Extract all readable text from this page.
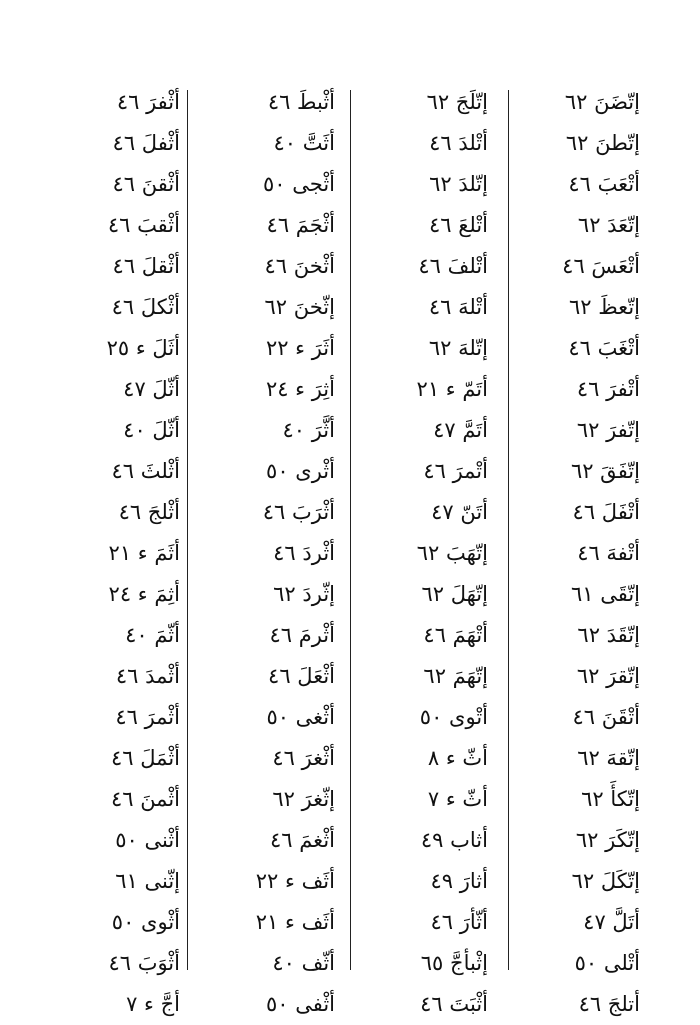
إتّضَنَ ٦٢
إتّطنَ ٦٢
أتْعَبَ ٤٦
إتّعَدَ ٦٢
أتْعَسَ ٤٦
إتّعظَ ٦٢
أتْغَبَ ٤٦
أتْفرَ ٤٦
إتّفرَ ٦٢
إتّفَقَ ٦٢
أتْفَلَ ٤٦
أتْفهَ ٤٦
إتّقَى ٦١
إتّقَدَ ٦٢
إتّقرَ ٦٢
أتْقَنَ ٤٦
إتّقهَ ٦٢
إتّكأَ ٦٢
إتّكَرَ ٦٢
إتّكَلَ ٦٢
أتَلَّ ٤٧
أتْلى ٥٠
أتلجَ ٤٦
إتّلَجَ ٦٢
أتْلدَ ٤٦
إتّلدَ ٦٢
أتْلعَ ٤٦
أتْلفَ ٤٦
أتْلهَ ٤٦
إتّلهَ ٦٢
أتَمّ ء ٢١
أتَمَّ ٤٧
أتْمرَ ٤٦
أتَنّ ٤٧
إتّهَبَ ٦٢
إتّهَلَ ٦٢
أتْهَمَ ٤٦
إتّهَمَ ٦٢
أتْوى ٥٠
أثّ ء ٨
أثّ ء ٧
أثاب ٤٩
أثارَ ٤٩
أثّأرَ ٤٦
إثْبأجَّ ٦٥
أثْبَتَ ٤٦
أثْبطَ ٤٦
أثَتَّ ٤٠
أثْجى ٥٠
أثْجَمَ ٤٦
أثْخنَ ٤٦
إثّخنَ ٦٢
أثَرَ ء ٢٢
أثِرَ ء ٢٤
أثَّرَ ٤٠
أثْرى ٥٠
أثْرَبَ ٤٦
أثْردَ ٤٦
إثّردَ ٦٢
أثْرمَ ٤٦
أثْعَلَ ٤٦
أثْغى ٥٠
أثْغرَ ٤٦
إثّغرَ ٦٢
أثْغمَ ٤٦
أثَف ء ٢٢
أثَف ء ٢١
أثّف ٤٠
أثْفى ٥٠
أثْفرَ ٤٦
أثْفلَ ٤٦
أثْقنَ ٤٦
أثْقبَ ٤٦
أثْقلَ ٤٦
أثْكلَ ٤٦
أثَلَ ء ٢٥
أثّلَ ٤٧
أثّلَ ٤٠
أثْلثَ ٤٦
أثْلجَ ٤٦
أثَمَ ء ٢١
أثِمَ ء ٢٤
أثّمَ ٤٠
أثْمدَ ٤٦
أثْمرَ ٤٦
أثْمَلَ ٤٦
أثْمنَ ٤٦
أثْنى ٥٠
إثّنى ٦١
أثْوى ٥٠
أثْوَبَ ٤٦
أجَّ ء ٧
